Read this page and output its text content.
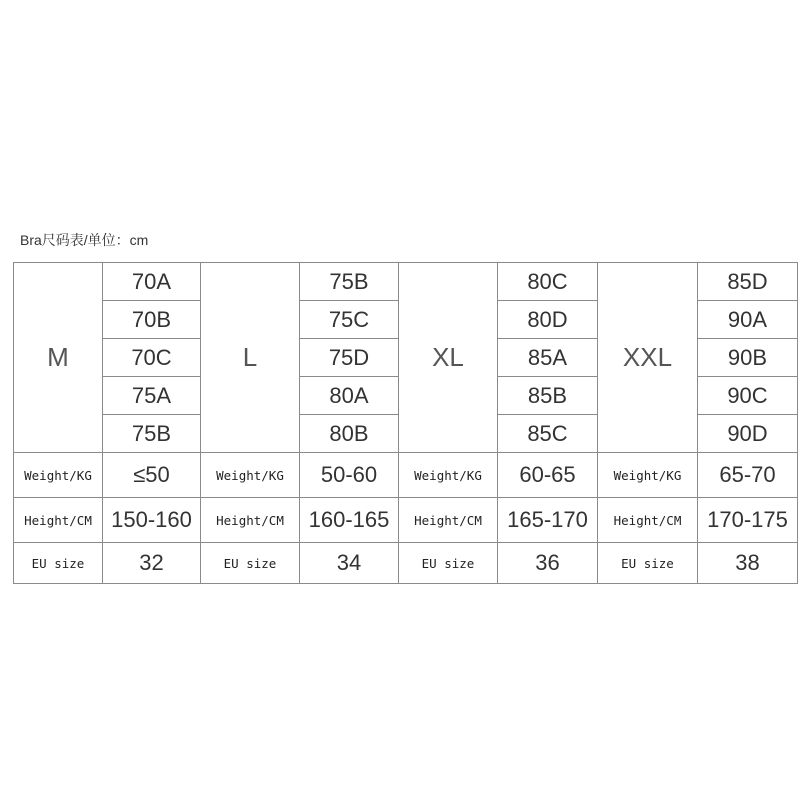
Bra尺码表/单位：cm
M	70A	L	75B	XL	80C	XXL	85D
	70B		75C		80D		90A
	70C		75D		85A		90B
	75A		80A		85B		90C
	75B		80B		85C		90D
Weight/KG	≤50	Weight/KG	50-60	Weight/KG	60-65	Weight/KG	65-70
Height/CM	150-160	Height/CM	160-165	Height/CM	165-170	Height/CM	170-175
EU size	32	EU size	34	EU size	36	EU size	38
